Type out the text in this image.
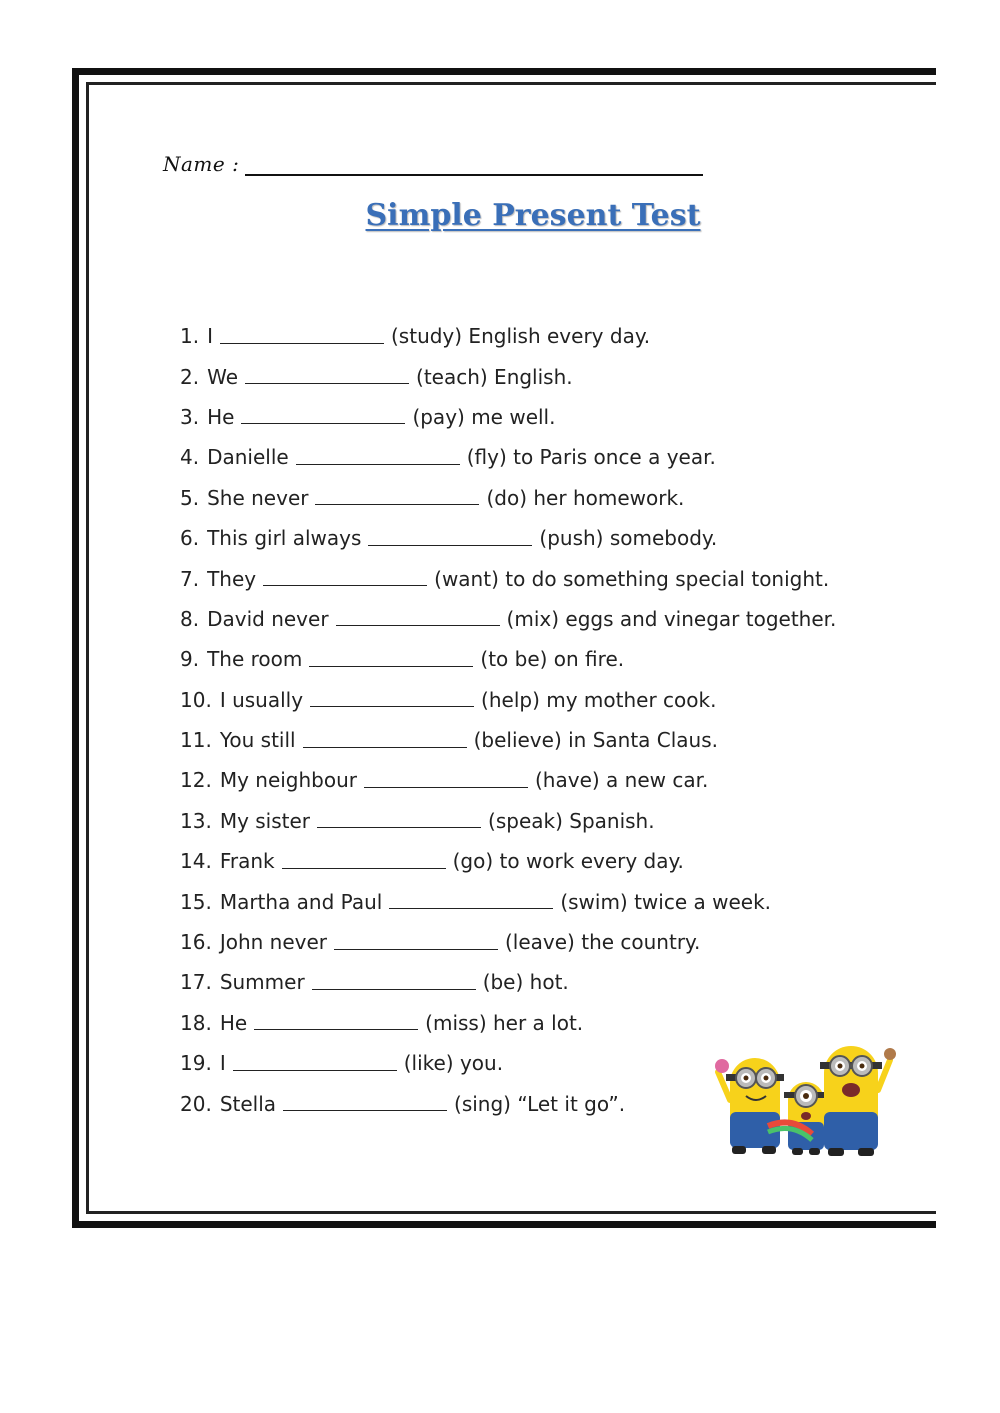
Name :
Simple Present Test
1. I	(study) English every day.
2. We	(teach) English.
3. He	(pay) me well.
4. Danielle	(fly) to Paris once a year.
5. She never	(do) her homework.
6. This girl always	(push) somebody.
7. They	(want) to do something special tonight.
8. David never	(mix) eggs and vinegar together.
9. The room	(to be) on fire.
10. I usually	(help) my mother cook.
11. You still	(believe) in Santa Claus.
12. My neighbour	(have) a new car.
13. My sister	(speak) Spanish.
14. Frank	(go) to work every day.
15. Martha and Paul	(swim) twice a week.
16. John never	(leave) the country.
17. Summer	(be) hot.
18. He	(miss) her a lot.
19. I	(like) you.
20. Stella	(sing) “Let it go”.
